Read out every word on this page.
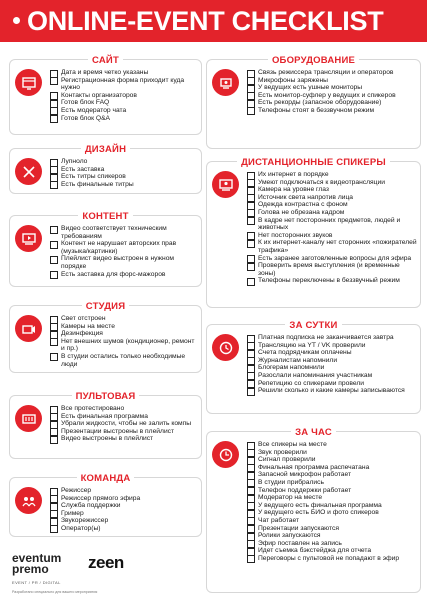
ONLINE-EVENT CHECKLIST
САЙТ
Дата и время четко указаны
Регистрационная форма приходит куда нужно
Контакты организаторов
Готов блок FAQ
Есть модератор чата
Готов блок Q&A
ДИЗАЙН
Лупноло
Есть заставка
Есть титры спикеров
Есть финальные титры
КОНТЕНТ
Видео соответствует техническим требованиям
Контент не нарушает авторских прав (музыка/картинки)
Плейлист видео выстроен в нужном порядке
Есть заставка для форс-мажоров
СТУДИЯ
Свет отстроен
Камеры на месте
Дезинфекция
Нет внешних шумов (кондиционер, ремонт и пр.)
В студии остались только необходимые люди
ПУЛЬТОВАЯ
Все протестировано
Есть финальная программа
Убрали жидкости, чтобы не залить компы
Презентации выстроены в плейлист
Видео выстроены в плейлист
КОМАНДА
Режиссер
Режиссер прямого эфира
Служба поддержки
Гример
Звукорежиссер
Оператор(ы)
ОБОРУДОВАНИЕ
Связь режиссера трансляции и операторов
Микрофоны заряжены
У ведущих есть ушные мониторы
Есть монитор-суфлер у ведущих и спикеров
Есть рекорды (запасное оборудование)
Телефоны стоят в беззвучном режим
ДИСТАНЦИОННЫЕ СПИКЕРЫ
Их интернет в порядке
Умеют подключаться к видеотрансляции
Камера на уровне глаз
Источник света напротив лица
Одежда контрастна с фоном
Голова не обрезана кадром
В кадре нет посторонних предметов, людей и животных
Нет посторонних звуков
К их интернет-каналу нет сторонних «пожирателей трафика»
Есть заранее заготовленные вопросы для эфира
Проверить время выступления (и временные зоны)
Телефоны переключены в беззвучный режим
ЗА СУТКИ
Платная подписка не заканчивается завтра
Трансляцию на YT / VK проверили
Счета подрядчикам оплачены
Журналистам напомнили
Блогерам напомнили
Разослали напоминания участникам
Репетицию со спикерами провели
Решили сколько и какие камеры записываются
ЗА ЧАС
Все спикеры на месте
Звук проверили
Сигнал проверили
Финальная программа распечатана
Запасной микрофон работает
В студии прибрались
Телефон поддержки работает
Модератор на месте
У ведущего есть финальная программа
У ведущего есть БИО и фото спикеров
Чат работает
Презентации запускаются
Ролики запускаются
Эфир поставлен на запись
Идет съемка бэкстейджа для отчета
Переговоры с пультовой не попадают в эфир
eventum
premo
EVENT / PR / DIGITAL
Разработано специально для вашего мероприятия
zeen
